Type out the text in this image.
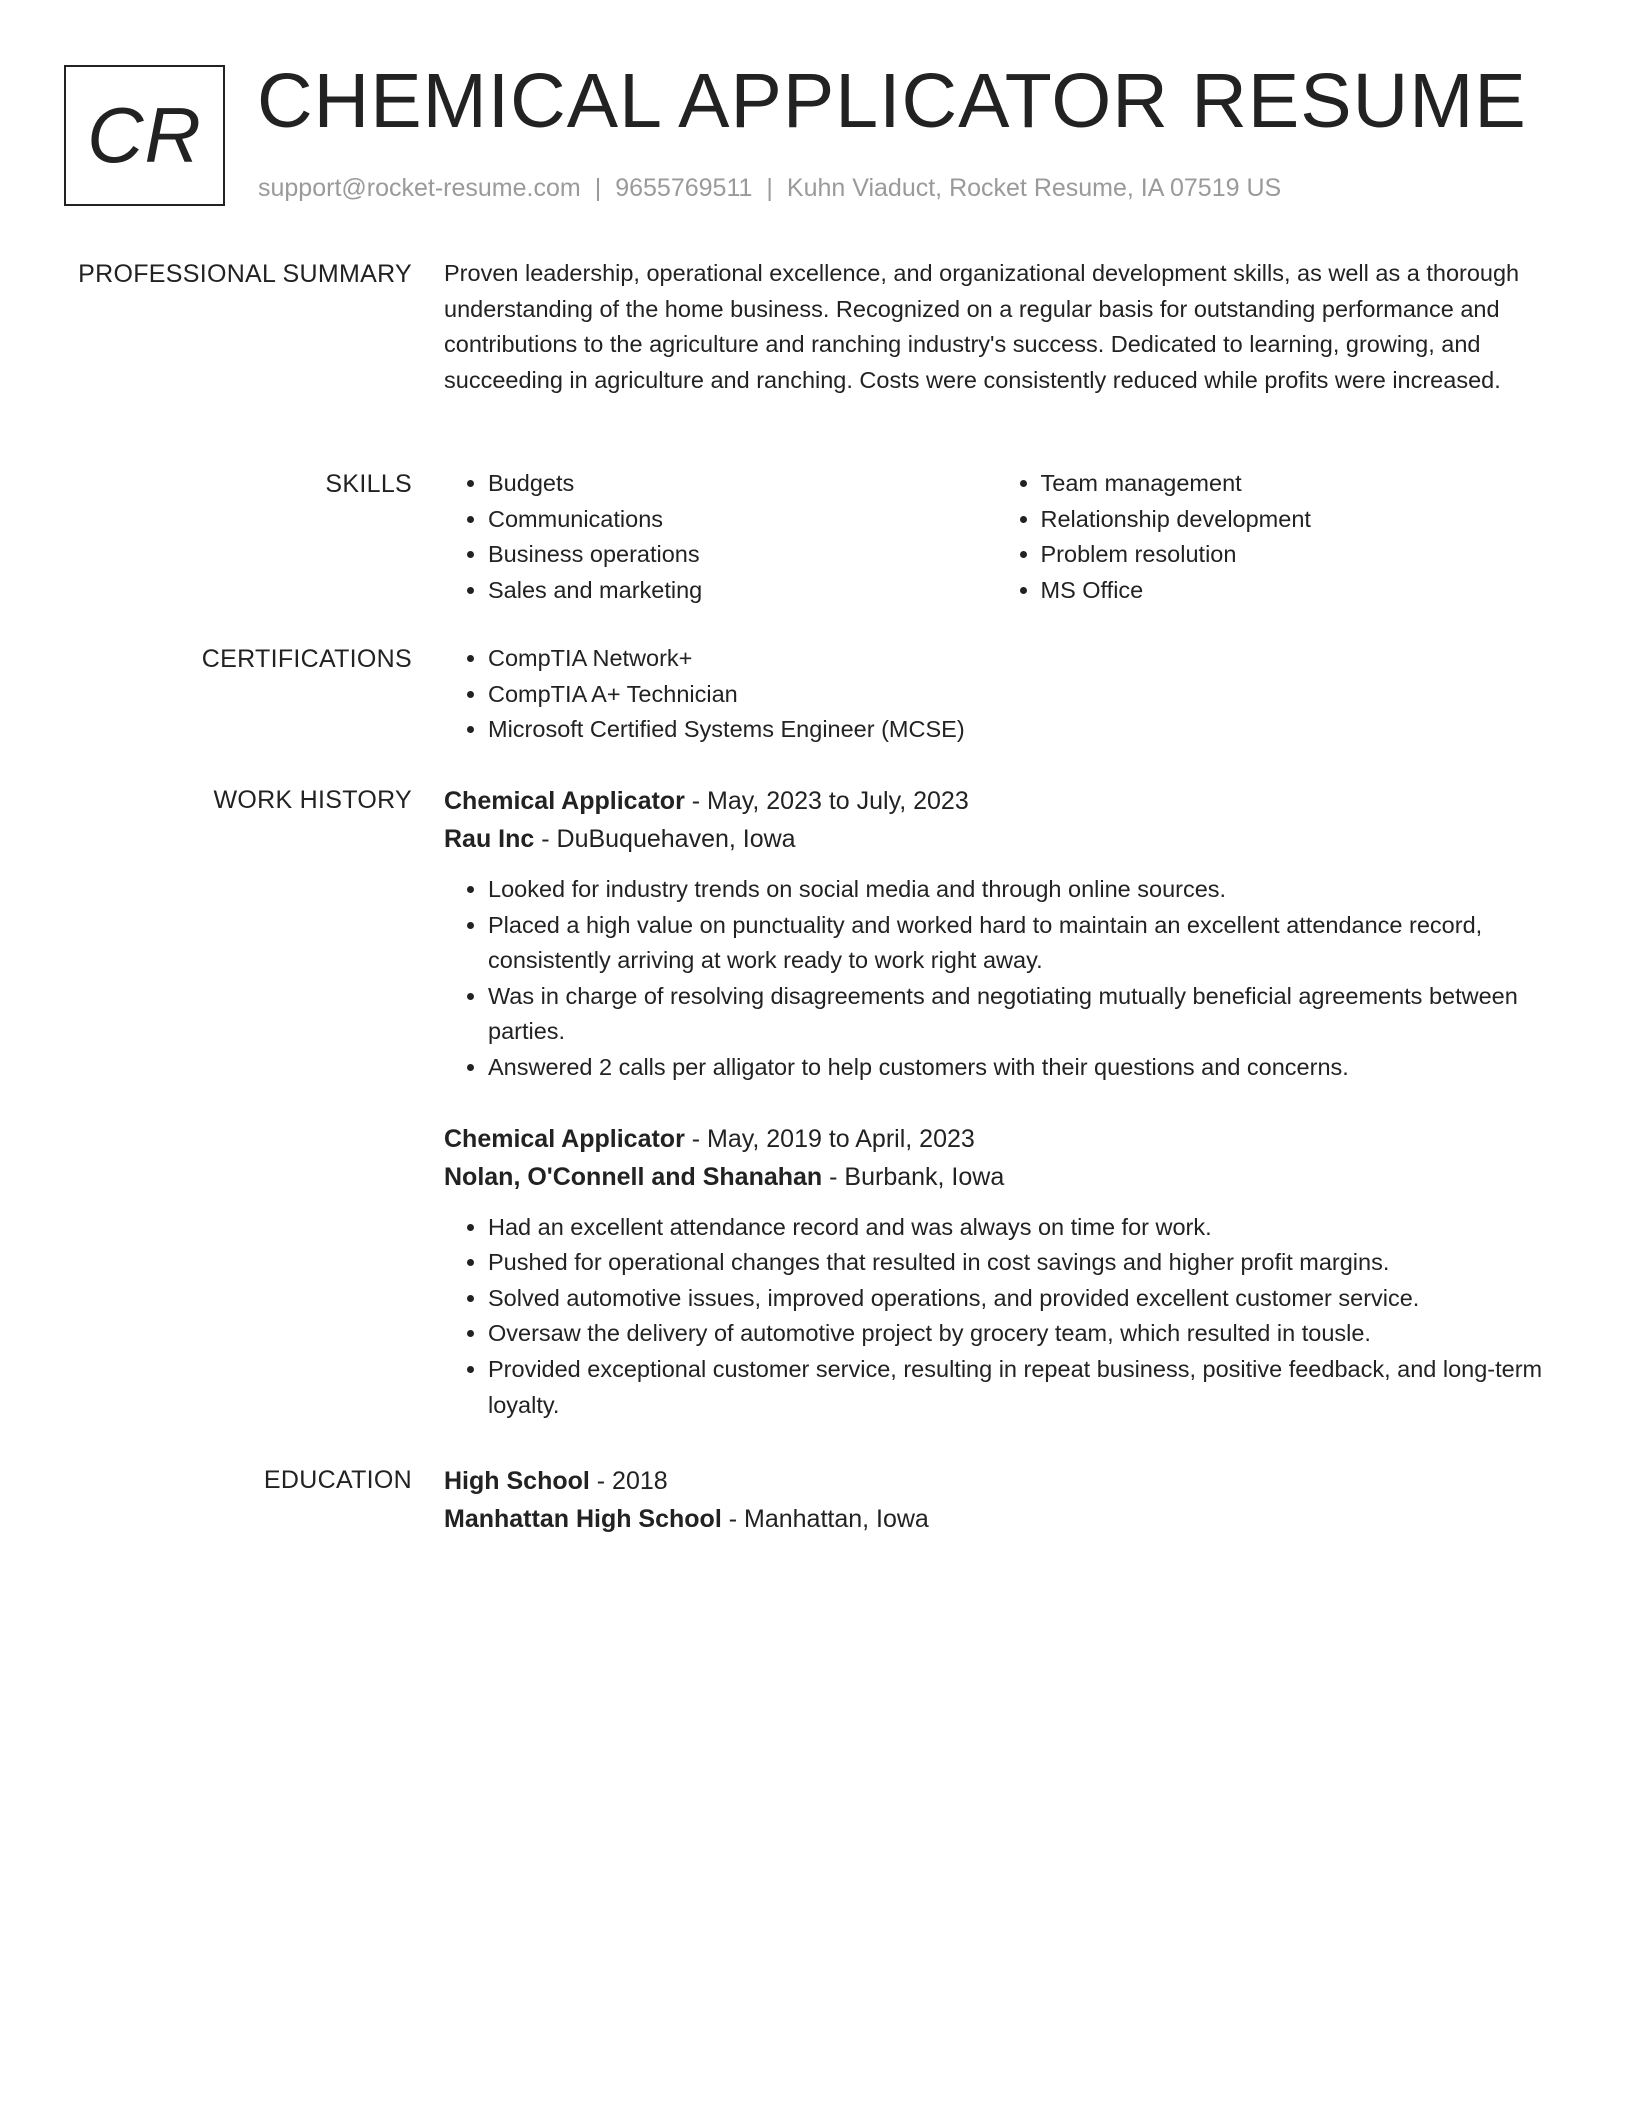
CR CHEMICAL APPLICATOR RESUME
support@rocket-resume.com | 9655769511 | Kuhn Viaduct, Rocket Resume, IA 07519 US
PROFESSIONAL SUMMARY Proven leadership, operational excellence, and organizational development skills, as well as a thorough understanding of the home business. Recognized on a regular basis for outstanding performance and contributions to the agriculture and ranching industry's success. Dedicated to learning, growing, and succeeding in agriculture and ranching. Costs were consistently reduced while profits were increased.

SKILLS	• Budgets
• Communications
• Business operations
• Sales and marketing
• Team management
• Relationship development
• Problem resolution
• MS Office
CERTIFICATIONS	• CompTIA Network+
• CompTIA A+ Technician
• Microsoft Certified Systems Engineer (MCSE)
WORK HISTORY Chemical Applicator - May, 2023 to July, 2023
Rau Inc - DuBuquehaven, Iowa
• Looked for industry trends on social media and through online sources.
• Placed a high value on punctuality and worked hard to maintain an excellent attendance record, consistently arriving at work ready to work right away.
• Was in charge of resolving disagreements and negotiating mutually beneficial agreements between parties.
• Answered 2 calls per alligator to help customers with their questions and concerns.
Chemical Applicator - May, 2019 to April, 2023
Nolan, O'Connell and Shanahan - Burbank, Iowa
• Had an excellent attendance record and was always on time for work.
• Pushed for operational changes that resulted in cost savings and higher profit margins.
• Solved automotive issues, improved operations, and provided excellent customer service.
• Oversaw the delivery of automotive project by grocery team, which resulted in tousle.
• Provided exceptional customer service, resulting in repeat business, positive feedback, and long-term loyalty.
EDUCATION High School - 2018
Manhattan High School - Manhattan, Iowa
